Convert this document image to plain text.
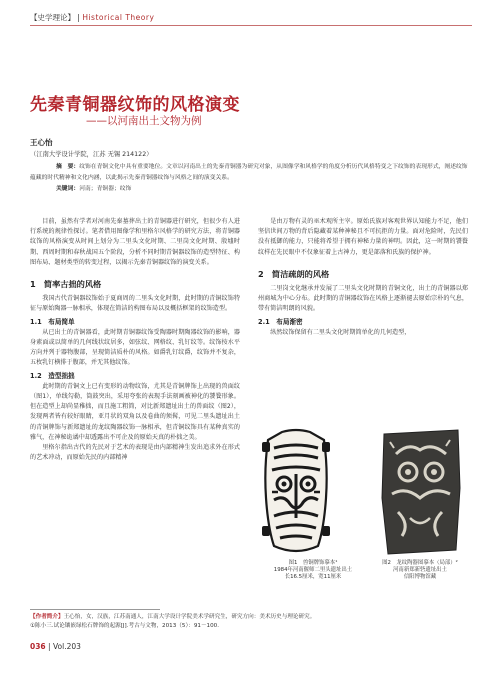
【史学理论】 | Historical Theory
先秦青铜器纹饰的风格演变
——以河南出土文物为例
王心怡
（江南大学设计学院，江苏 无锡 214122）
摘　要：纹饰在青铜文化中具有重要地位。文章以河南出土的先秦青铜器为研究对象，从图像学和风格学的角度分析历代风格特变之下纹饰的表现形式，阐述纹饰蕴藏的时代精神和文化内涵，以此揭示先秦青铜器纹饰与风格之间的演变关系。
关键词：河南；青铜器；纹饰

目前，虽然有学者对河南先秦墓葬出土的青铜器进行研究，但很少有人进行系统的规律性探讨。笔者借用图像学和里格尔风格学的研究方法，将青铜器纹饰的风格演变从时间上划分为二里头文化时期、二里岗文化时期、殷墟时期、西周时期和春秋战国五个阶段，分析不同时期青铜器纹饰的造型特征、构图布局、题材类型的转变过程，以揭示先秦青铜器纹饰的演变关系。

1　简率古拙的风格

我国古代青铜器纹饰始于夏商周的二里头文化时期，此时期的青铜纹饰特征与原始陶器一脉相承，体现在简洁的构图布局以及概括框架的纹饰造型。

1.1　布局简单

从已出土的青铜器看，此时期青铜器纹饰受陶器时期陶器纹饰的影响，器身素面或以简单的几何线状纹居多，如弦纹、网格纹、乳钉纹等。纹饰按水平方向并列于器物腹部，呈现简洁质朴的风格。如爵乳钉纹爵，纹饰并不复杂，五枚乳钉横排于腹部，并无其他纹饰。

1.2　造型拙拙

此时期的青铜文上已有变形的动物纹饰，尤其是青铜牌饰上出现的兽面纹（图1），单线勾勒，筒鼓突出，采用夸张的表现手法刻画被神化的饕餮形象。但在造型上却尚显稚拙，而且施工粗简，对比新郑遗址出土的兽面纹（图2），发现两者皆有较好眼睛，亚月状的双角以及卷曲的须髯，可见二里头遗址出土的青铜牌饰与新郑遗址的龙纹陶器纹饰一脉相承，但青铜纹饰具有某种真实的雅气，在神秘诡谲中却透露出不可企及的原始天真的朴拙之美。

里格尔指出古代的先民对于艺术的表现是由内部精神生发出追求外在形式的艺术冲动，而原始先民的内部精神

是由万物有灵的巫术观所主宰。原始氏族对客观世界认知能力不足，他们坚信世间万物的背后隐藏着某种神秘且不可抗拒的力量。面对危险时，先民们没有抵御的能力，只能将希望于拥有神秘力量的神明。因此，这一时期的饕餮纹样在先民眼中不仅象征着上古神力，更是部落和氏族的保护神。

2　简洁疏朗的风格

二里岗文化继承并发展了二里头文化时期的青铜文化，出土的青铜器以郑州商城为中心分布。此时期的青铜器纹饰在风格上逐渐褪去原始宗朴的气息，带有简洁明朗的风貌。

2.1　布局渐密

纵然纹饰保留有二里头文化时期简单化的几何造型，

图1　兽铜牌饰摹本¹
1984年河南偃师二里头遗址出土
长16.5厘米，宽11厘米
图2　龙纹陶器图摹本（局部）²
河南新郑新砦遗址出土
信阳博物馆藏
【作者简介】王心怡，女，汉族，江苏南通人，江南大学设计学院美术学研究生，研究方向：美术历史与理论研究。
①陈小三.试论镶嵌绿松石牌饰的起源[J].考古与文物，2013（5）：91－100.
036 | Vol.203
